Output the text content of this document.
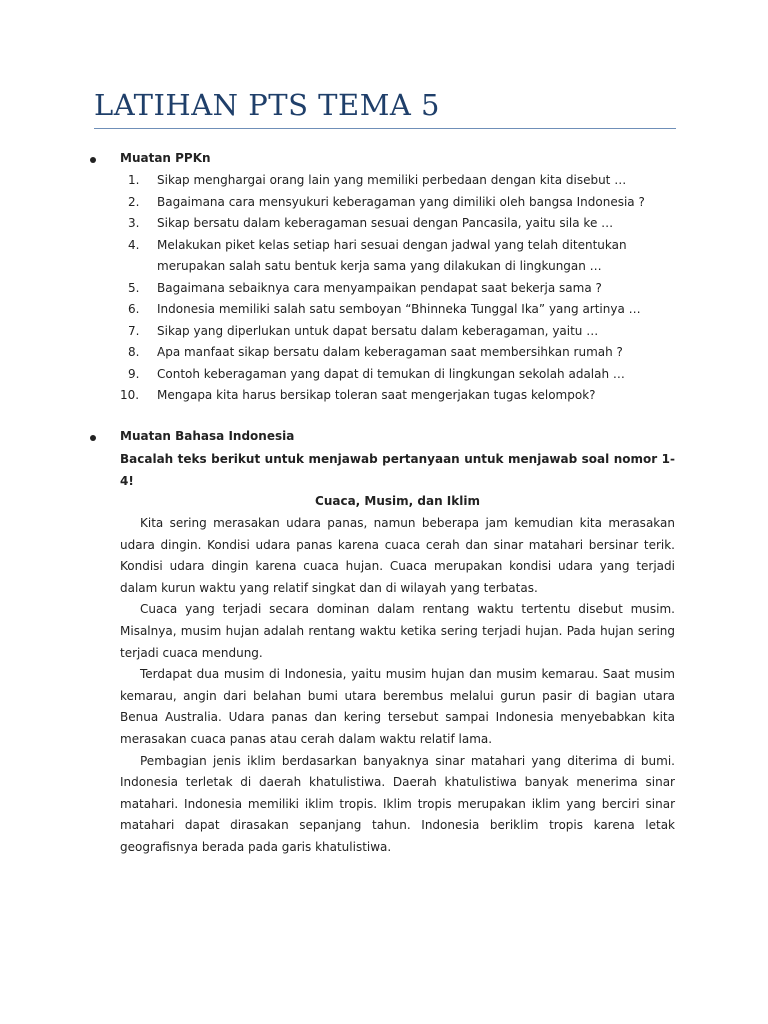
LATIHAN PTS TEMA 5
Muatan PPKn
1.	Sikap menghargai orang lain yang memiliki perbedaan dengan kita disebut …
2.	Bagaimana cara mensyukuri keberagaman yang dimiliki oleh bangsa Indonesia ?
3.	Sikap bersatu dalam keberagaman sesuai dengan Pancasila, yaitu sila ke …
4.	Melakukan piket kelas setiap hari sesuai dengan jadwal yang telah ditentukan merupakan salah satu bentuk kerja sama yang dilakukan di lingkungan …
5.	Bagaimana sebaiknya cara menyampaikan pendapat saat bekerja sama ?
6.	Indonesia memiliki salah satu semboyan “Bhinneka Tunggal Ika” yang artinya …
7.	Sikap yang diperlukan untuk dapat bersatu dalam keberagaman, yaitu …
8.	Apa manfaat sikap bersatu dalam keberagaman saat membersihkan rumah ?
9.	Contoh keberagaman yang dapat di temukan di lingkungan sekolah adalah …
10.	Mengapa kita harus bersikap toleran saat mengerjakan tugas kelompok?
Muatan Bahasa Indonesia
Bacalah teks berikut untuk menjawab pertanyaan untuk menjawab soal nomor 1-4!
Cuaca, Musim, dan Iklim

Kita sering merasakan udara panas, namun beberapa jam kemudian kita merasakan udara dingin. Kondisi udara panas karena cuaca cerah dan sinar matahari bersinar terik. Kondisi udara dingin karena cuaca hujan. Cuaca merupakan kondisi udara yang terjadi dalam kurun waktu yang relatif singkat dan di wilayah yang terbatas.

Cuaca yang terjadi secara dominan dalam rentang waktu tertentu disebut musim. Misalnya, musim hujan adalah rentang waktu ketika sering terjadi hujan. Pada hujan sering terjadi cuaca mendung.

Terdapat dua musim di Indonesia, yaitu musim hujan dan musim kemarau. Saat musim kemarau, angin dari belahan bumi utara berembus melalui gurun pasir di bagian utara Benua Australia. Udara panas dan kering tersebut sampai Indonesia menyebabkan kita merasakan cuaca panas atau cerah dalam waktu relatif lama.

Pembagian jenis iklim berdasarkan banyaknya sinar matahari yang diterima di bumi. Indonesia terletak di daerah khatulistiwa. Daerah khatulistiwa banyak menerima sinar matahari. Indonesia memiliki iklim tropis. Iklim tropis merupakan iklim yang berciri sinar matahari dapat dirasakan sepanjang tahun. Indonesia beriklim tropis karena letak geografisnya berada pada garis khatulistiwa.
